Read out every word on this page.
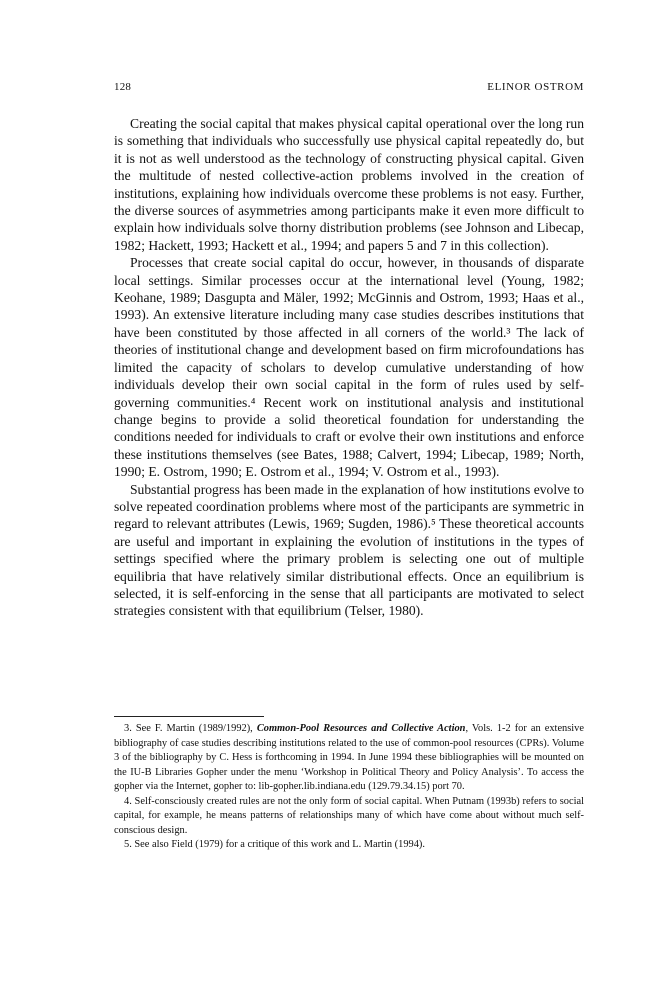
128	ELINOR OSTROM

Creating the social capital that makes physical capital operational over the long run is something that individuals who successfully use physical capital repeatedly do, but it is not as well understood as the technology of constructing physical capital. Given the multitude of nested collective-action problems involved in the creation of institutions, explaining how individuals overcome these problems is not easy. Further, the diverse sources of asymmetries among participants make it even more difficult to explain how individuals solve thorny distribution problems (see Johnson and Libecap, 1982; Hackett, 1993; Hackett et al., 1994; and papers 5 and 7 in this collection).

Processes that create social capital do occur, however, in thousands of disparate local settings. Similar processes occur at the international level (Young, 1982; Keohane, 1989; Dasgupta and Mäler, 1992; McGinnis and Ostrom, 1993; Haas et al., 1993). An extensive literature including many case studies describes institutions that have been constituted by those affected in all corners of the world.³ The lack of theories of institutional change and development based on firm microfoundations has limited the capacity of scholars to develop cumulative understanding of how individuals develop their own social capital in the form of rules used by self-governing communities.⁴ Recent work on institutional analysis and institutional change begins to provide a solid theoretical foundation for understanding the conditions needed for individuals to craft or evolve their own institutions and enforce these institutions themselves (see Bates, 1988; Calvert, 1994; Libecap, 1989; North, 1990; E. Ostrom, 1990; E. Ostrom et al., 1994; V. Ostrom et al., 1993).

Substantial progress has been made in the explanation of how institutions evolve to solve repeated coordination problems where most of the participants are symmetric in regard to relevant attributes (Lewis, 1969; Sugden, 1986).⁵ These theoretical accounts are useful and important in explaining the evolution of institutions in the types of settings specified where the primary problem is selecting one out of multiple equilibria that have relatively similar distributional effects. Once an equilibrium is selected, it is self-enforcing in the sense that all participants are motivated to select strategies consistent with that equilibrium (Telser, 1980).

3. See F. Martin (1989/1992), Common-Pool Resources and Collective Action, Vols. 1-2 for an extensive bibliography of case studies describing institutions related to the use of common-pool resources (CPRs). Volume 3 of the bibliography by C. Hess is forthcoming in 1994. In June 1994 these bibliographies will be mounted on the IU-B Libraries Gopher under the menu ‘Workshop in Political Theory and Policy Analysis’. To access the gopher via the Internet, gopher to: lib-gopher.lib.indiana.edu (129.79.34.15) port 70.

4. Self-consciously created rules are not the only form of social capital. When Putnam (1993b) refers to social capital, for example, he means patterns of relationships many of which have come about without much self-conscious design.

5. See also Field (1979) for a critique of this work and L. Martin (1994).
